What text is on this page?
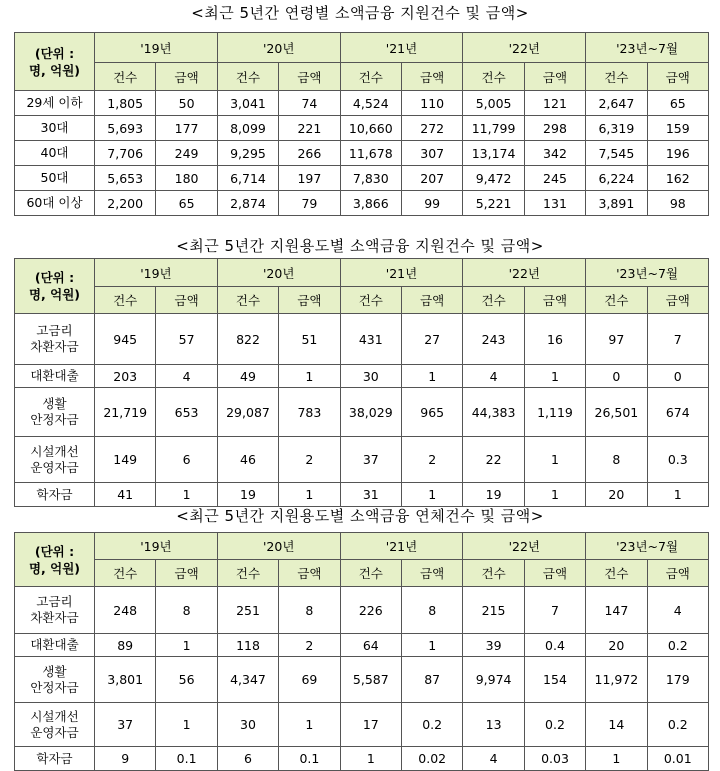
<최근 5년간 연령별 소액금융 지원건수 및 금액>
(단위 :
명, 억원)	'19년		'20년		'21년		'22년		'23년~7월	
	건수	금액	건수	금액	건수	금액	건수	금액	건수	금액

29세 이하	1,805	50	3,041	74	4,524	110	5,005	121	2,647	65

30대	5,693	177	8,099	221	10,660	272	11,799	298	6,319	159

40대	7,706	249	9,295	266	11,678	307	13,174	342	7,545	196

50대	5,653	180	6,714	197	7,830	207	9,472	245	6,224	162

60대 이상	2,200	65	2,874	79	3,866	99	5,221	131	3,891	98
<최근 5년간 지원용도별 소액금융 지원건수 및 금액>
(단위 :
명, 억원)	'19년		'20년		'21년		'22년		'23년~7월	
	건수	금액	건수	금액	건수	금액	건수	금액	건수	금액

고금리
차환자금	945	57	822	51	431	27	243	16	97	7

대환대출	203	4	49	1	30	1	4	1	0	0

생활
안정자금	21,719	653	29,087	783	38,029	965	44,383	1,119	26,501	674

시설개선
운영자금	149	6	46	2	37	2	22	1	8	0.3

학자금	41	1	19	1	31	1	19	1	20	1
<최근 5년간 지원용도별 소액금융 연체건수 및 금액>
(단위 :
명, 억원)	'19년		'20년		'21년		'22년		'23년~7월	
	건수	금액	건수	금액	건수	금액	건수	금액	건수	금액

고금리
차환자금	248	8	251	8	226	8	215	7	147	4

대환대출	89	1	118	2	64	1	39	0.4	20	0.2

생활
안정자금	3,801	56	4,347	69	5,587	87	9,974	154	11,972	179

시설개선
운영자금	37	1	30	1	17	0.2	13	0.2	14	0.2

학자금	9	0.1	6	0.1	1	0.02	4	0.03	1	0.01
